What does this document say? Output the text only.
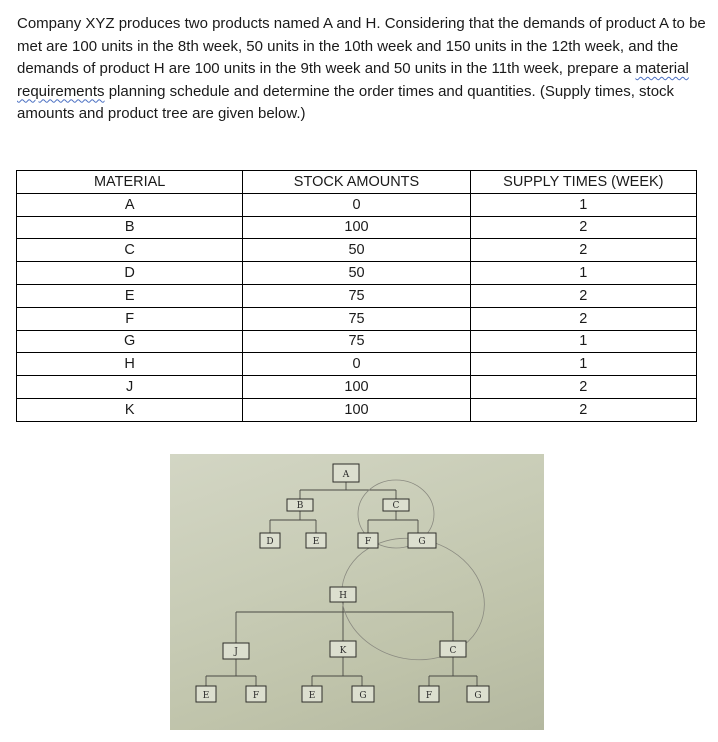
Company XYZ produces two products named A and H. Considering that the demands of product A to be met are 100 units in the 8th week, 50 units in the 10th week and 150 units in the 12th week, and the demands of product H are 100 units in the 9th week and 50 units in the 11th week, prepare a material requirements planning schedule and determine the order times and quantities. (Supply times, stock amounts and product tree are given below.)

MATERIAL	STOCK AMOUNTS	SUPPLY TIMES (WEEK)
A	0	1
B	100	2
C	50	2
D	50	1
E	75	2
F	75	2
G	75	1
H	0	1
J	100	2
K	100	2
A
B	C
D	E	F	G
H
J	K	C
E	F	E	G	F	G
